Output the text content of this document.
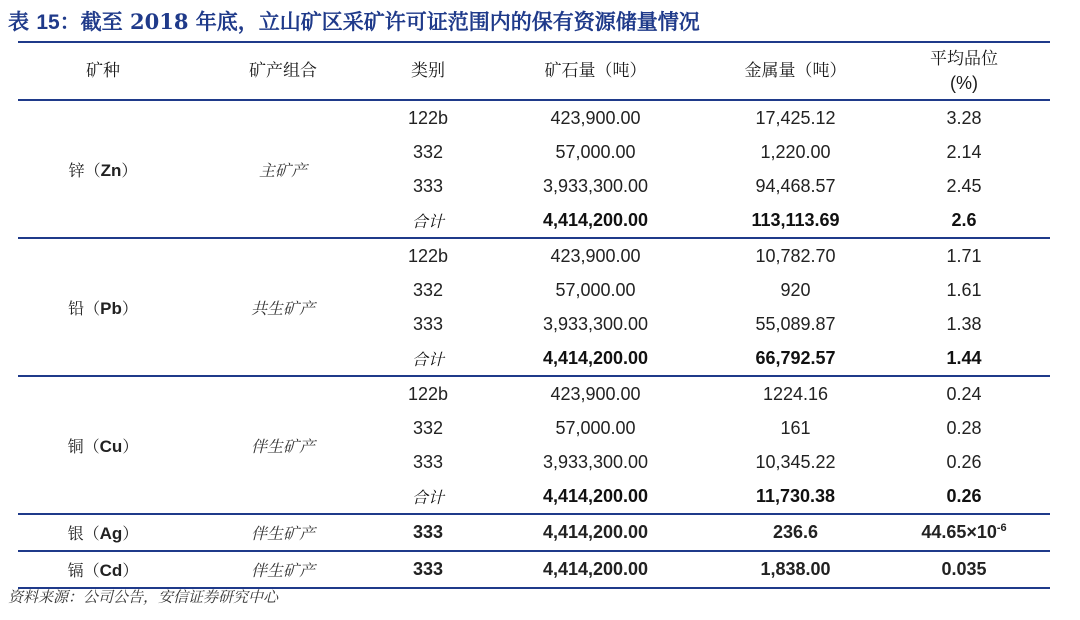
表 15：截至 2018 年底，立山矿区采矿许可证范围内的保有资源储量情况
矿种	矿产组合	类别	矿石量（吨）	金属量（吨）	平均品位
(%)
锌（Zn）	主矿产	122b	423,900.00	17,425.12	3.28
		332	57,000.00	1,220.00	2.14
		333	3,933,300.00	94,468.57	2.45
		合计	4,414,200.00	113,113.69	2.6
铅（Pb）	共生矿产	122b	423,900.00	10,782.70	1.71
		332	57,000.00	920	1.61
		333	3,933,300.00	55,089.87	1.38
		合计	4,414,200.00	66,792.57	1.44
铜（Cu）	伴生矿产	122b	423,900.00	1224.16	0.24
		332	57,000.00	161	0.28
		333	3,933,300.00	10,345.22	0.26
		合计	4,414,200.00	11,730.38	0.26
银（Ag）	伴生矿产	333	4,414,200.00	236.6	$44.65\times 10^{-6}$
镉（Cd）	伴生矿产	333	4,414,200.00	1,838.00	0.035
资料来源：公司公告，安信证券研究中心
